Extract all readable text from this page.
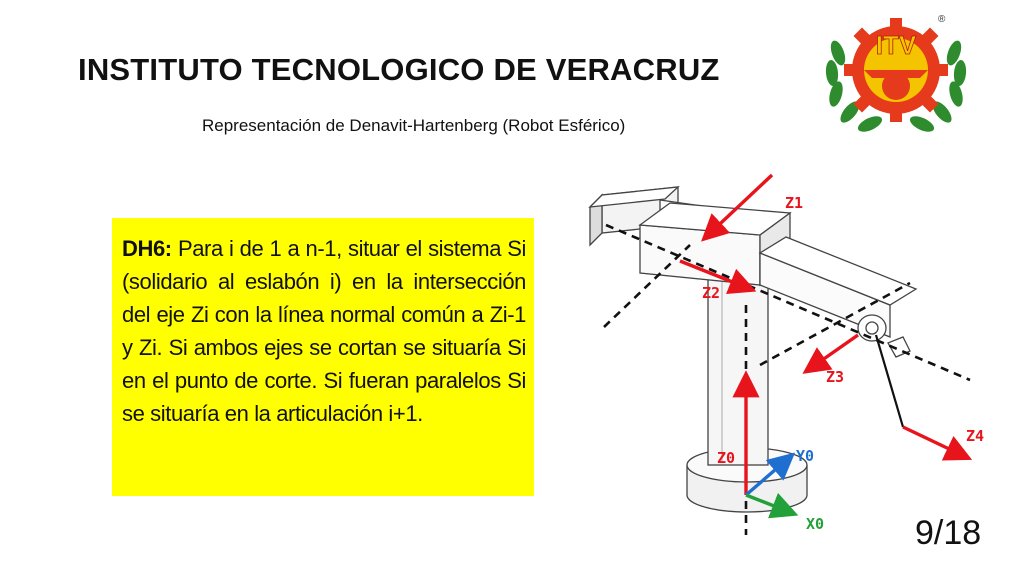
INSTITUTO TECNOLOGICO DE VERACRUZ
Representación de Denavit-Hartenberg (Robot Esférico)
ITV
®

DH6: Para i de 1 a n-1, situar el sistema Si (solidario al eslabón i) en la intersección del eje Zi con la línea normal común a Zi-1 y Zi. Si ambos ejes se cortan se situaría Si en el punto de corte. Si fueran paralelos Si se situaría en la articulación i+1.

Z1
Z2
Z3
Z4
Z0	Y0
X0	9/18
